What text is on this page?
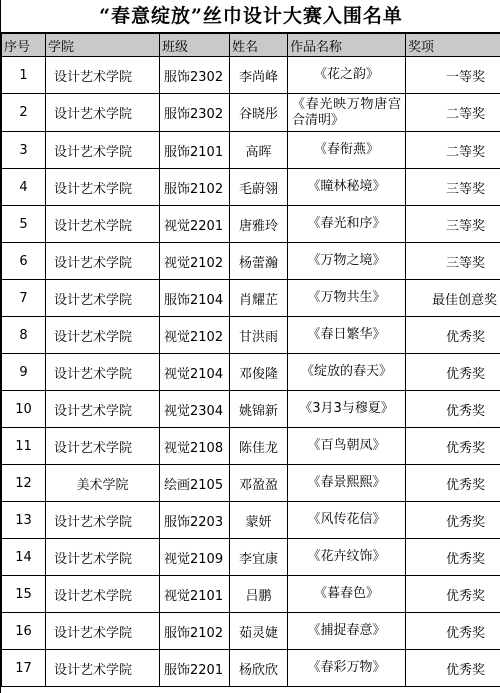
“春意绽放”丝巾设计大赛入围名单
序号	学院	班级	姓名	作品名称	奖项
1	设计艺术学院	服饰2302	李尚峰	《花之韵》	一等奖
2	设计艺术学院	服饰2302	谷晓彤	《春光映万物唐宫合清明》	二等奖
3	设计艺术学院	服饰2101	高晖	《春衔燕》	二等奖
4	设计艺术学院	服饰2102	毛蔚翎	《瞳林秘境》	三等奖
5	设计艺术学院	视觉2201	唐雅玲	《春光和序》	三等奖
6	设计艺术学院	视觉2102	杨蕾瀚	《万物之境》	三等奖
7	设计艺术学院	服饰2104	肖耀芷	《万物共生》	最佳创意奖
8	设计艺术学院	视觉2102	甘洪雨	《春日繁华》	优秀奖
9	设计艺术学院	视觉2104	邓俊隆	《绽放的春天》	优秀奖
10	设计艺术学院	视觉2304	姚锦新	《3月3与穆夏》	优秀奖
11	设计艺术学院	视觉2108	陈佳龙	《百鸟朝凤》	优秀奖
12	美术学院	绘画2105	邓盈盈	《春景熙熙》	优秀奖
13	设计艺术学院	服饰2203	蒙妍	《风传花信》	优秀奖
14	设计艺术学院	视觉2109	李宜康	《花卉纹饰》	优秀奖
15	设计艺术学院	视觉2101	吕鹏	《暮春色》	优秀奖
16	设计艺术学院	服饰2102	茹灵婕	《捕捉春意》	优秀奖
17	设计艺术学院	服饰2201	杨欣欣	《春彩万物》	优秀奖
